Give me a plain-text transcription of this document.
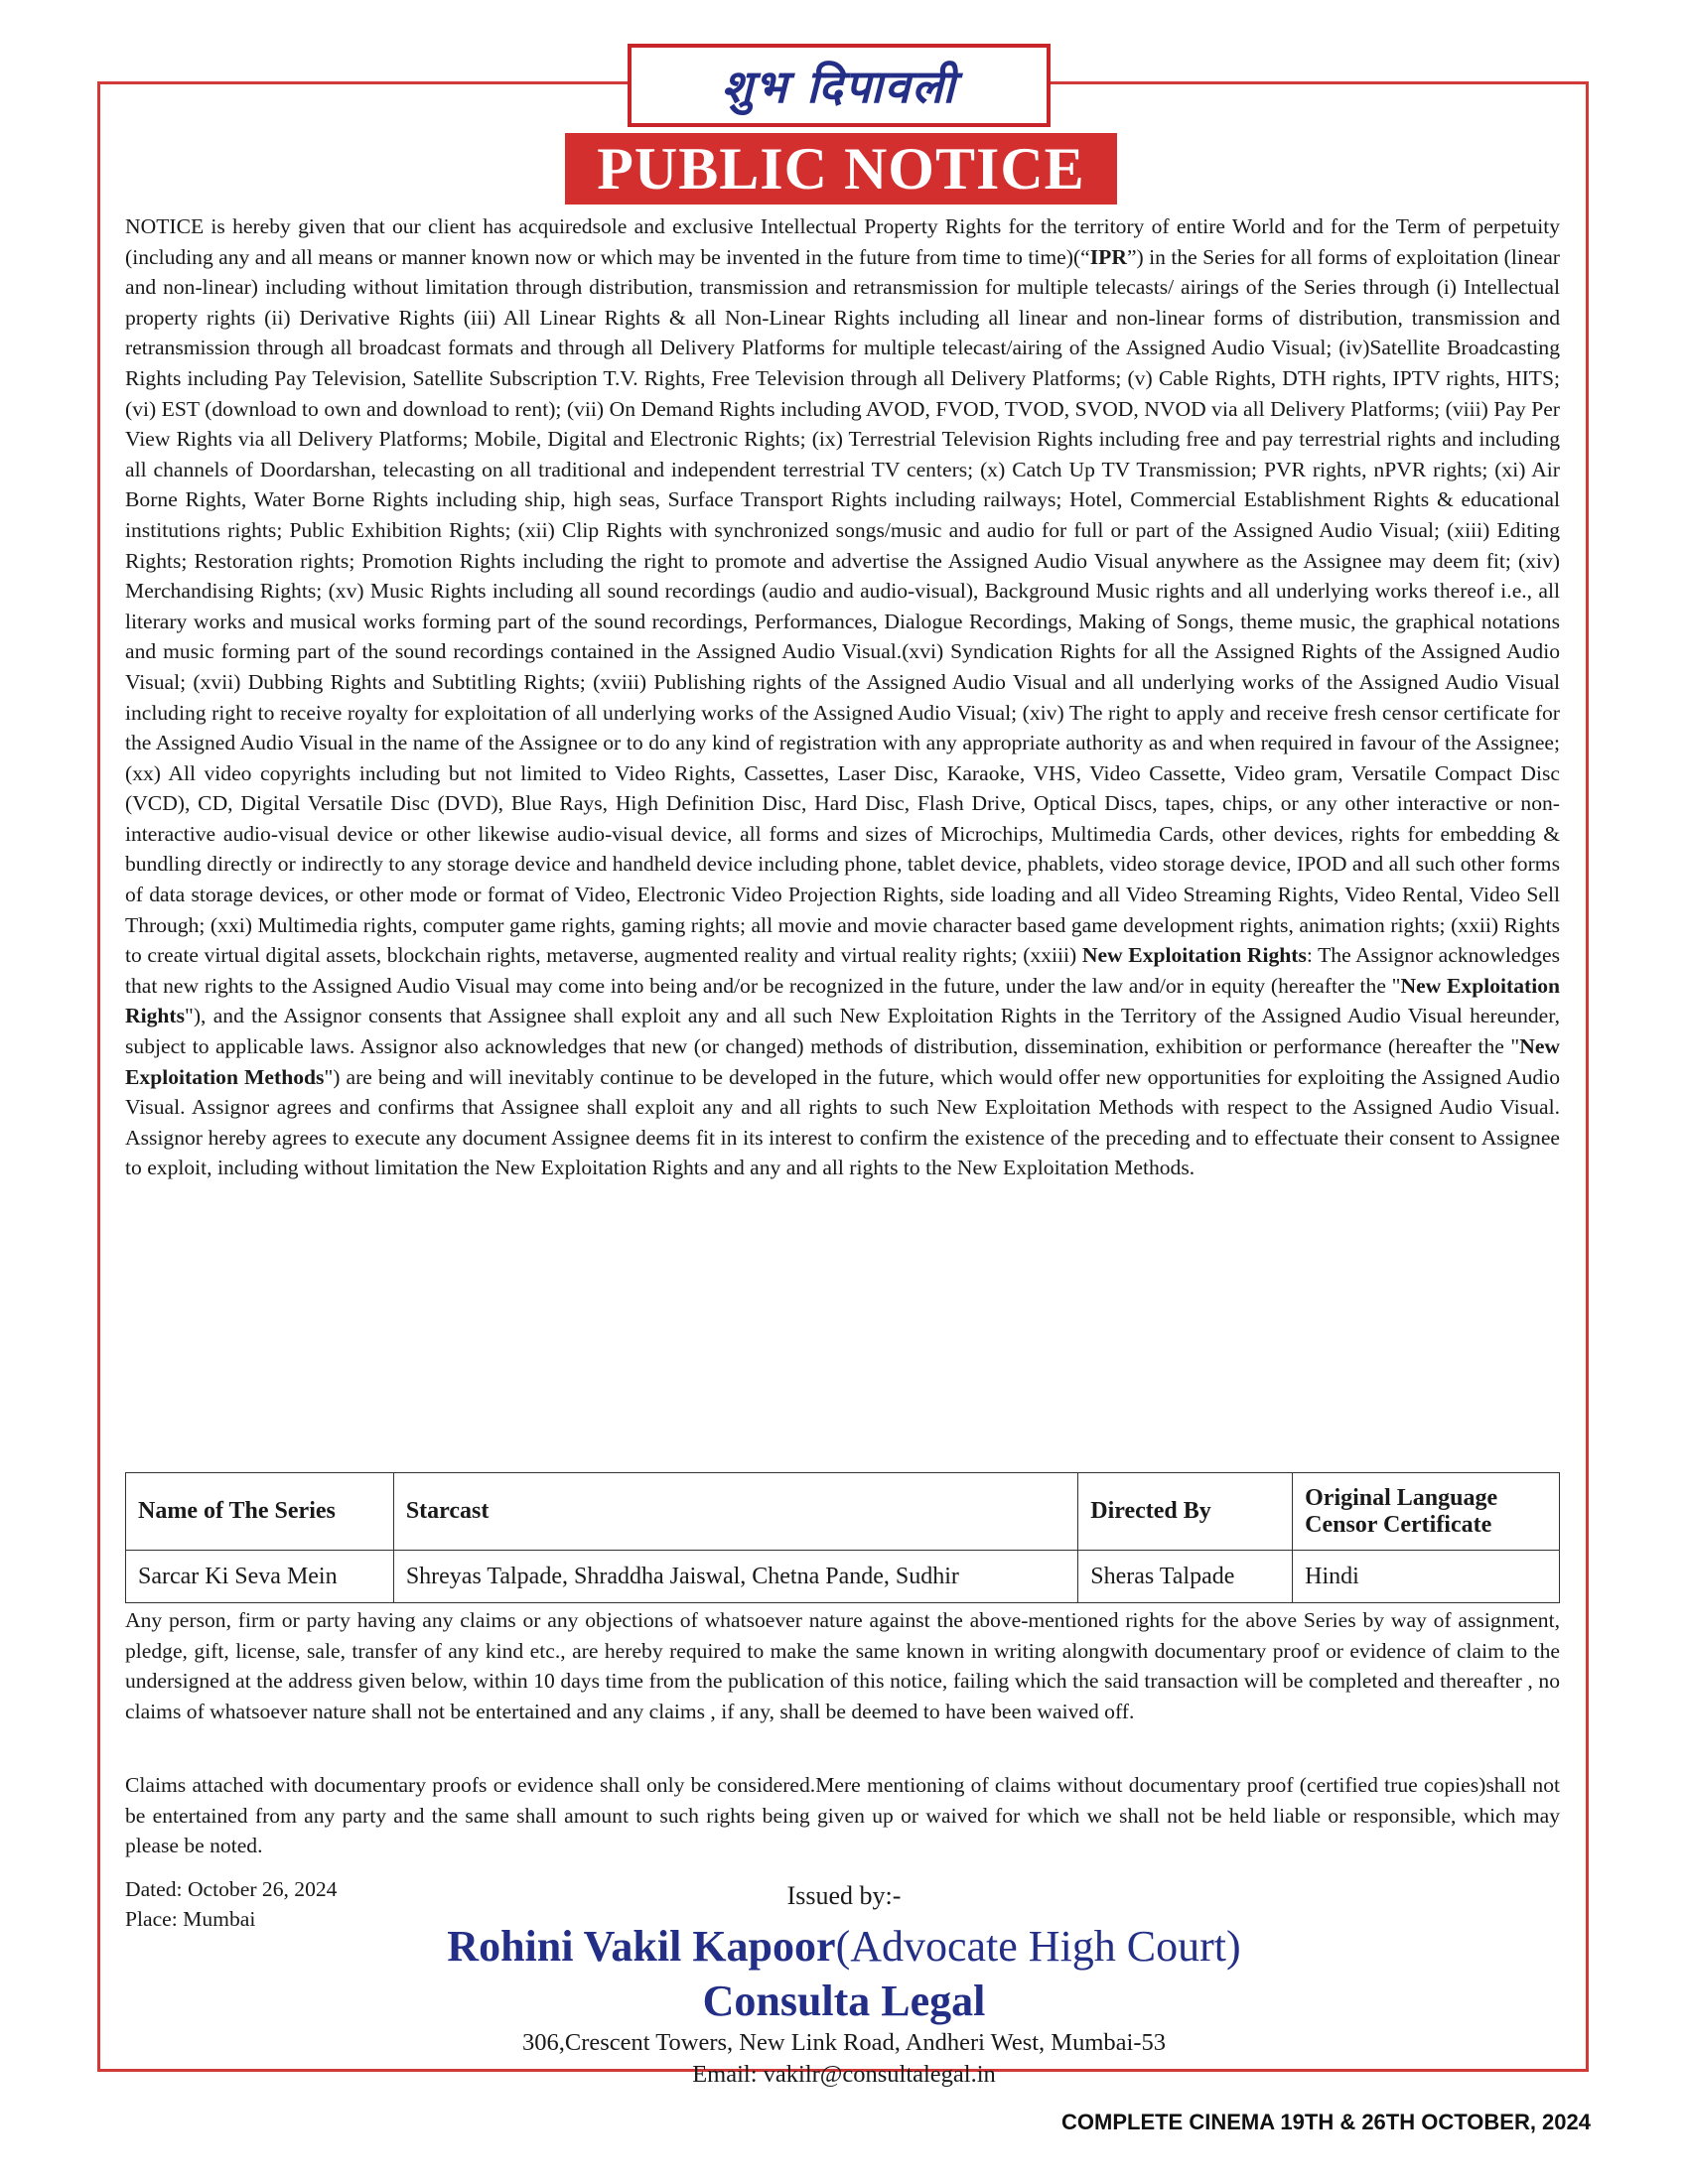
शुभ दिपावली
PUBLIC NOTICE
NOTICE is hereby given that our client has acquiredsole and exclusive Intellectual Property Rights for the territory of entire World and for the Term of perpetuity (including any and all means or manner known now or which may be invented in the future from time to time)(“IPR”) in the Series for all forms of exploitation (linear and non-linear) including without limitation through distribution, transmission and retransmission for multiple telecasts/ airings of the Series through (i) Intellectual property rights (ii) Derivative Rights (iii) All Linear Rights & all Non-Linear Rights including all linear and non-linear forms of distribution, transmission and retransmission through all broadcast formats and through all Delivery Platforms for multiple telecast/airing of the Assigned Audio Visual; (iv)Satellite Broadcasting Rights including Pay Television, Satellite Subscription T.V. Rights, Free Television through all Delivery Platforms; (v) Cable Rights, DTH rights, IPTV rights, HITS;(vi) EST (download to own and download to rent); (vii) On Demand Rights including AVOD, FVOD, TVOD, SVOD, NVOD via all Delivery Platforms; (viii) Pay Per View Rights via all Delivery Platforms; Mobile, Digital and Electronic Rights; (ix) Terrestrial Television Rights including free and pay terrestrial rights and including all channels of Doordarshan, telecasting on all traditional and independent terrestrial TV centers; (x) Catch Up TV Transmission; PVR rights, nPVR rights; (xi) Air Borne Rights, Water Borne Rights including ship, high seas, Surface Transport Rights including railways; Hotel, Commercial Establishment Rights & educational institutions rights; Public Exhibition Rights; (xii) Clip Rights with synchronized songs/music and audio for full or part of the Assigned Audio Visual; (xiii) Editing Rights; Restoration rights; Promotion Rights including the right to promote and advertise the Assigned Audio Visual anywhere as the Assignee may deem fit; (xiv) Merchandising Rights; (xv) Music Rights including all sound recordings (audio and audio-visual), Background Music rights and all underlying works thereof i.e., all literary works and musical works forming part of the sound recordings, Performances, Dialogue Recordings, Making of Songs, theme music, the graphical notations and music forming part of the sound recordings contained in the Assigned Audio Visual.(xvi) Syndication Rights for all the Assigned Rights of the Assigned Audio Visual; (xvii) Dubbing Rights and Subtitling Rights; (xviii) Publishing rights of the Assigned Audio Visual and all underlying works of the Assigned Audio Visual including right to receive royalty for exploitation of all underlying works of the Assigned Audio Visual; (xiv) The right to apply and receive fresh censor certificate for the Assigned Audio Visual in the name of the Assignee or to do any kind of registration with any appropriate authority as and when required in favour of the Assignee; (xx) All video copyrights including but not limited to Video Rights, Cassettes, Laser Disc, Karaoke, VHS, Video Cassette, Video gram, Versatile Compact Disc (VCD), CD, Digital Versatile Disc (DVD), Blue Rays, High Definition Disc, Hard Disc, Flash Drive, Optical Discs, tapes, chips, or any other interactive or non-interactive audio-visual device or other likewise audio-visual device, all forms and sizes of Microchips, Multimedia Cards, other devices, rights for embedding & bundling directly or indirectly to any storage device and handheld device including phone, tablet device, phablets, video storage device, IPOD and all such other forms of data storage devices, or other mode or format of Video, Electronic Video Projection Rights, side loading and all Video Streaming Rights, Video Rental, Video Sell Through; (xxi) Multimedia rights, computer game rights, gaming rights; all movie and movie character based game development rights, animation rights; (xxii) Rights to create virtual digital assets, blockchain rights, metaverse, augmented reality and virtual reality rights; (xxiii) New Exploitation Rights: The Assignor acknowledges that new rights to the Assigned Audio Visual may come into being and/or be recognized in the future, under the law and/or in equity (hereafter the "New Exploitation Rights"), and the Assignor consents that Assignee shall exploit any and all such New Exploitation Rights in the Territory of the Assigned Audio Visual hereunder, subject to applicable laws. Assignor also acknowledges that new (or changed) methods of distribution, dissemination, exhibition or performance (hereafter the "New Exploitation Methods") are being and will inevitably continue to be developed in the future, which would offer new opportunities for exploiting the Assigned Audio Visual. Assignor agrees and confirms that Assignee shall exploit any and all rights to such New Exploitation Methods with respect to the Assigned Audio Visual. Assignor hereby agrees to execute any document Assignee deems fit in its interest to confirm the existence of the preceding and to effectuate their consent to Assignee to exploit, including without limitation the New Exploitation Rights and any and all rights to the New Exploitation Methods.
Name of The Series	Starcast	Directed By	Original Language
Censor Certificate
Sarcar Ki Seva Mein	Shreyas Talpade, Shraddha Jaiswal, Chetna Pande, Sudhir	Sheras Talpade	Hindi
Any person, firm or party having any claims or any objections of whatsoever nature against the above-mentioned rights for the above Series by way of assignment, pledge, gift, license, sale, transfer of any kind etc., are hereby required to make the same known in writing alongwith documentary proof or evidence of claim to the undersigned at the address given below, within 10 days time from the publication of this notice, failing which the said transaction will be completed and thereafter , no claims of whatsoever nature shall not be entertained and any claims , if any, shall be deemed to have been waived off.
Claims attached with documentary proofs or evidence shall only be considered.Mere mentioning of claims without documentary proof (certified true copies)shall not be entertained from any party and the same shall amount to such rights being given up or waived for which we shall not be held liable or responsible, which may please be noted.
Dated: October 26, 2024
Place: Mumbai
Issued by:-
Rohini Vakil Kapoor(Advocate High Court)
Consulta Legal
306,Crescent Towers, New Link Road, Andheri West, Mumbai-53
Email: vakilr@consultalegal.in
COMPLETE CINEMA 19TH & 26TH OCTOBER, 2024
